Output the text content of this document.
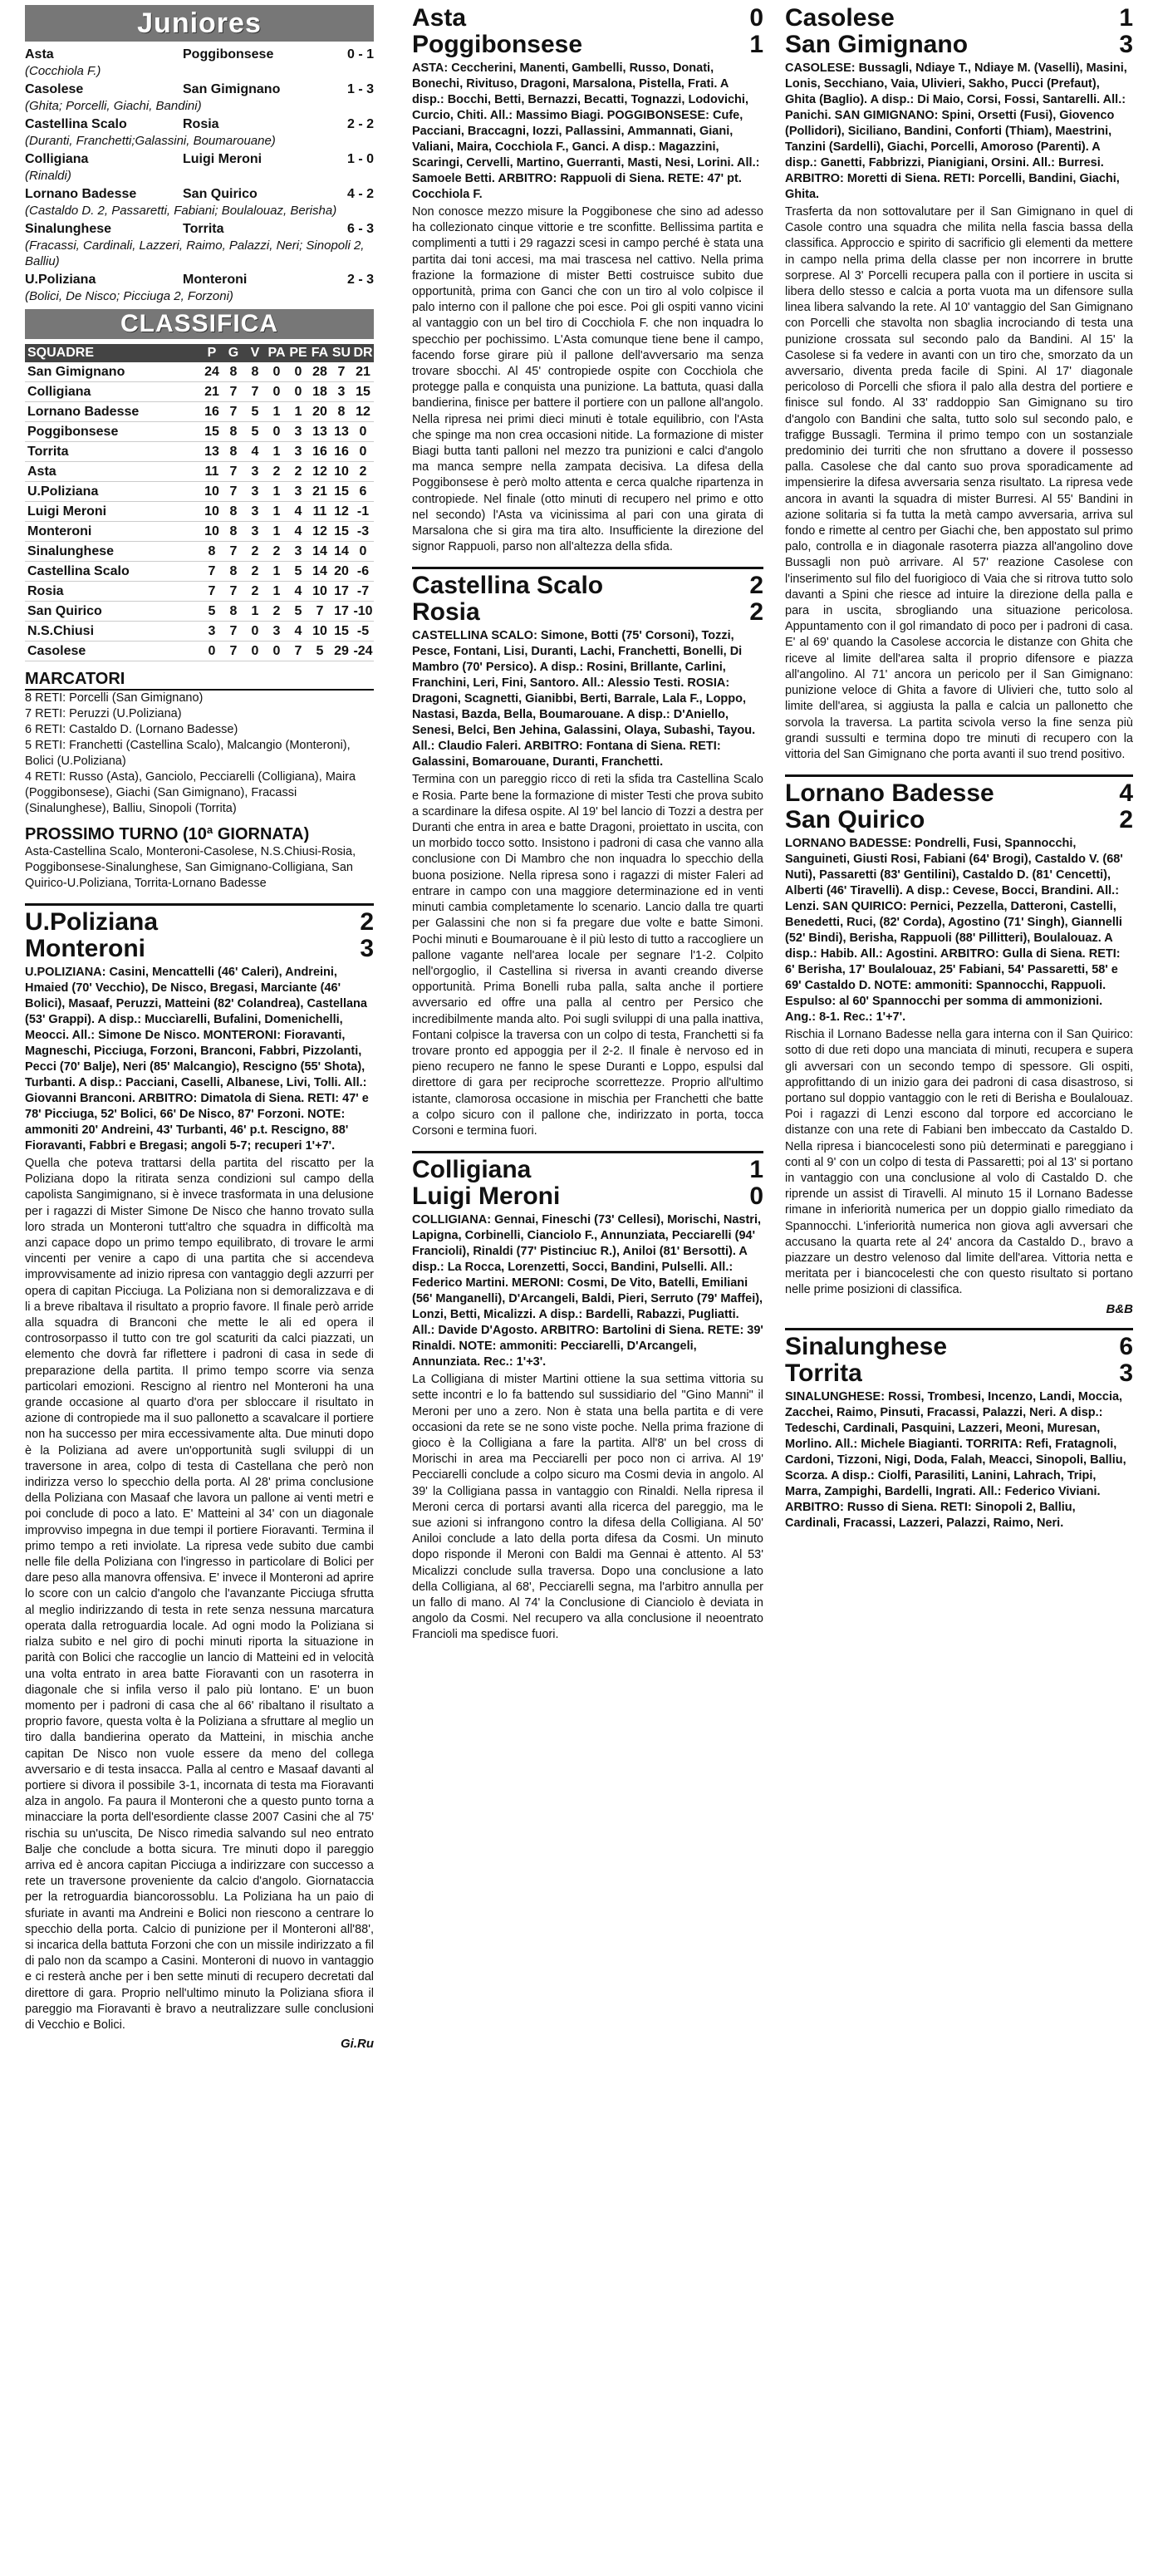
Juniores
Asta	Poggibonsese	0 - 1
(Cocchiola F.)
Casolese	San Gimignano	1 - 3
(Ghita; Porcelli, Giachi, Bandini)
Castellina Scalo	Rosia	2 - 2
(Duranti, Franchetti;Galassini, Boumarouane)
Colligiana	Luigi Meroni	1 - 0
(Rinaldi)
Lornano Badesse	San Quirico	4 - 2
(Castaldo D. 2, Passaretti, Fabiani; Boulalouaz, Berisha)
Sinalunghese	Torrita	6 - 3
(Fracassi, Cardinali, Lazzeri, Raimo, Palazzi, Neri; Sinopoli 2, Balliu)
U.Poliziana	Monteroni	2 - 3
(Bolici, De Nisco; Picciuga 2, Forzoni)
CLASSIFICA
SQUADRE	P	G	V	PA	PE	FA	SU	DR
San Gimignano	24	8	8	0	0	28	7	21
Colligiana	21	7	7	0	0	18	3	15
Lornano Badesse	16	7	5	1	1	20	8	12
Poggibonsese	15	8	5	0	3	13	13	0
Torrita	13	8	4	1	3	16	16	0
Asta	11	7	3	2	2	12	10	2
U.Poliziana	10	7	3	1	3	21	15	6
Luigi Meroni	10	8	3	1	4	11	12	-1
Monteroni	10	8	3	1	4	12	15	-3
Sinalunghese	8	7	2	2	3	14	14	0
Castellina Scalo	7	8	2	1	5	14	20	-6
Rosia	7	7	2	1	4	10	17	-7
San Quirico	5	8	1	2	5	7	17	-10
N.S.Chiusi	3	7	0	3	4	10	15	-5
Casolese	0	7	0	0	7	5	29	-24
MARCATORI
8 RETI: Porcelli (San Gimignano)
7 RETI: Peruzzi (U.Poliziana)
6 RETI: Castaldo D. (Lornano Badesse)
5 RETI: Franchetti (Castellina Scalo), Malcangio (Monteroni), Bolici (U.Poliziana)
4 RETI: Russo (Asta), Ganciolo, Pecciarelli (Colligiana), Maira (Poggibonsese), Giachi (San Gimignano), Fracassi (Sinalunghese), Balliu, Sinopoli (Torrita)
PROSSIMO TURNO (10ª GIORNATA)
Asta-Castellina Scalo, Monteroni-Casolese, N.S.Chiusi-Rosia, Poggibonsese-Sinalunghese, San Gimignano-Colligiana, San Quirico-U.Poliziana, Torrita-Lornano Badesse
U.Poliziana	2
Monteroni	3
U.POLIZIANA: Casini, Mencattelli (46' Caleri), Andreini, Hmaied (70' Vecchio), De Nisco, Bregasi, Marciante (46' Bolici), Masaaf, Peruzzi, Matteini (82' Colandrea), Castellana (53' Grappi). A disp.: Muccìarelli, Bufalini, Domenichelli, Meocci. All.: Simone De Nisco. MONTERONI: Fioravanti, Magneschi, Picciuga, Forzoni, Branconi, Fabbri, Pizzolanti, Pecci (70' Balje), Neri (85' Malcangio), Rescigno (55' Shota), Turbanti. A disp.: Pacciani, Caselli, Albanese, Livi, Tolli. All.: Giovanni Branconi. ARBITRO: Dimatola di Siena. RETI: 47' e 78' Picciuga, 52' Bolici, 66' De Nisco, 87' Forzoni. NOTE: ammoniti 20' Andreini, 43' Turbanti, 46' p.t. Rescigno, 88' Fioravanti, Fabbri e Bregasi; angoli 5-7; recuperi 1'+7'.
Quella che poteva trattarsi della partita del riscatto per la Poliziana dopo la ritirata senza condizioni sul campo della capolista Sangimignano, si è invece trasformata in una delusione per i ragazzi di Mister Simone De Nisco che hanno trovato sulla loro strada un Monteroni tutt'altro che squadra in difficoltà ma anzi capace dopo un primo tempo equilibrato, di trovare le armi vincenti per venire a capo di una partita che si accendeva improvvisamente ad inizio ripresa con vantaggio degli azzurri per opera di capitan Picciuga. La Poliziana non si demoralizzava e di li a breve ribaltava il risultato a proprio favore. Il finale però arride alla squadra di Branconi che mette le ali ed opera il controsorpasso il tutto con tre gol scaturiti da calci piazzati, un elemento che dovrà far riflettere i padroni di casa in sede di preparazione della partita. Il primo tempo scorre via senza particolari emozioni. Rescigno al rientro nel Monteroni ha una grande occasione al quarto d'ora per sbloccare il risultato in azione di contropiede ma il suo pallonetto a scavalcare il portiere non ha successo per mira eccessivamente alta. Due minuti dopo è la Poliziana ad avere un'opportunità sugli sviluppi di un traversone in area, colpo di testa di Castellana che però non indirizza verso lo specchio della porta. Al 28' prima conclusione della Poliziana con Masaaf che lavora un pallone ai venti metri e poi conclude di poco a lato. E' Matteini al 34' con un diagonale improvviso impegna in due tempi il portiere Fioravanti. Termina il primo tempo a reti inviolate. La ripresa vede subito due cambi nelle file della Poliziana con l'ingresso in particolare di Bolici per dare peso alla manovra offensiva. E' invece il Monteroni ad aprire lo score con un calcio d'angolo che l'avanzante Picciuga sfrutta al meglio indirizzando di testa in rete senza nessuna marcatura operata dalla retroguardia locale. Ad ogni modo la Poliziana si rialza subito e nel giro di pochi minuti riporta la situazione in parità con Bolici che raccoglie un lancio di Matteini ed in velocità una volta entrato in area batte Fioravanti con un rasoterra in diagonale che si infila verso il palo più lontano. E' un buon momento per i padroni di casa che al 66' ribaltano il risultato a proprio favore, questa volta è la Poliziana a sfruttare al meglio un tiro dalla bandierina operato da Matteini, in mischia anche capitan De Nisco non vuole essere da meno del collega avversario e di testa insacca. Palla al centro e Masaaf davanti al portiere si divora il possibile 3-1, incornata di testa ma Fioravanti alza in angolo. Fa paura il Monteroni che a questo punto torna a minacciare la porta dell'esordiente classe 2007 Casini che al 75' rischia su un'uscita, De Nisco rimedia salvando sul neo entrato Balje che conclude a botta sicura. Tre minuti dopo il pareggio arriva ed è ancora capitan Picciuga a indirizzare con successo a rete un traversone proveniente da calcio d'angolo. Giornataccia per la retroguardia biancorossoblu. La Poliziana ha un paio di sfuriate in avanti ma Andreini e Bolici non riescono a centrare lo specchio della porta. Calcio di punizione per il Monteroni all'88', si incarica della battuta Forzoni che con un missile indirizzato a fil di palo non da scampo a Casini. Monteroni di nuovo in vantaggio e ci resterà anche per i ben sette minuti di recupero decretati dal direttore di gara. Proprio nell'ultimo minuto la Poliziana sfiora il pareggio ma Fioravanti è bravo a neutralizzare sulle conclusioni di Vecchio e Bolici.
Gi.Ru
Asta	0
Poggibonsese	1
ASTA: Ceccherini, Manenti, Gambelli, Russo, Donati, Bonechi, Rivituso, Dragoni, Marsalona, Pistella, Frati. A disp.: Bocchi, Betti, Bernazzi, Becatti, Tognazzi, Lodovichi, Curcio, Chiti. All.: Massimo Biagi. POGGIBONSESE: Cufe, Pacciani, Braccagni, Iozzi, Pallassini, Ammannati, Giani, Valiani, Maira, Cocchiola F., Ganci. A disp.: Magazzini, Scaringi, Cervelli, Martino, Guerranti, Masti, Nesi, Lorini. All.: Samoele Betti. ARBITRO: Rappuoli di Siena. RETE: 47' pt. Cocchiola F.
Non conosce mezzo misure la Poggibonese che sino ad adesso ha collezionato cinque vittorie e tre sconfitte. Bellissima partita e complimenti a tutti i 29 ragazzi scesi in campo perché è stata una partita dai toni accesi, ma mai trascesa nel cattivo. Nella prima frazione la formazione di mister Betti costruisce subito due opportunità, prima con Ganci che con un tiro al volo colpisce il palo interno con il pallone che poi esce. Poi gli ospiti vanno vicini al vantaggio con un bel tiro di Cocchiola F. che non inquadra lo specchio per pochissimo. L'Asta comunque tiene bene il campo, facendo forse girare più il pallone dell'avversario ma senza trovare sbocchi. Al 45' contropiede ospite con Cocchiola che protegge palla e conquista una punizione. La battuta, quasi dalla bandierina, finisce per battere il portiere con un pallone all'angolo. Nella ripresa nei primi dieci minuti è totale equilibrio, con l'Asta che spinge ma non crea occasioni nitide. La formazione di mister Biagi butta tanti palloni nel mezzo tra punizioni e calci d'angolo ma manca sempre nella zampata decisiva. La difesa della Poggibonsese è però molto attenta e cerca qualche ripartenza in contropiede. Nel finale (otto minuti di recupero nel primo e otto nel secondo) l'Asta va vicinissima al pari con una girata di Marsalona che si gira ma tira alto. Insufficiente la direzione del signor Rappuoli, parso non all'altezza della sfida.
Castellina Scalo	2
Rosia	2
CASTELLINA SCALO: Simone, Botti (75' Corsoni), Tozzi, Pesce, Fontani, Lisi, Duranti, Lachi, Franchetti, Bonelli, Di Mambro (70' Persico). A disp.: Rosini, Brillante, Carlini, Franchini, Leri, Fini, Santoro. All.: Alessio Testi. ROSIA: Dragoni, Scagnetti, Gianibbi, Berti, Barrale, Lala F., Loppo, Nastasi, Bazda, Bella, Boumarouane. A disp.: D'Aniello, Senesi, Belci, Ben Jehina, Galassini, Olaya, Subashi, Tayou. All.: Claudio Faleri. ARBITRO: Fontana di Siena. RETI: Galassini, Bomarouane, Duranti, Franchetti.
Termina con un pareggio ricco di reti la sfida tra Castellina Scalo e Rosia. Parte bene la formazione di mister Testi che prova subito a scardinare la difesa ospite. Al 19' bel lancio di Tozzi a destra per Duranti che entra in area e batte Dragoni, proiettato in uscita, con un morbido tocco sotto. Insistono i padroni di casa che vanno alla conclusione con Di Mambro che non inquadra lo specchio della buona posizione. Nella ripresa sono i ragazzi di mister Faleri ad entrare in campo con una maggiore determinazione ed in venti minuti cambia completamente lo scenario. Lancio dalla tre quarti per Galassini che non si fa pregare due volte e batte Simoni. Pochi minuti e Boumarouane è il più lesto di tutto a raccogliere un pallone vagante nell'area locale per segnare l'1-2. Colpito nell'orgoglio, il Castellina si riversa in avanti creando diverse opportunità. Prima Bonelli ruba palla, salta anche il portiere avversario ed offre una palla al centro per Persico che incredibilmente manda alto. Poi sugli sviluppi di una palla inattiva, Fontani colpisce la traversa con un colpo di testa, Franchetti si fa trovare pronto ed appoggia per il 2-2. Il finale è nervoso ed in pieno recupero ne fanno le spese Duranti e Loppo, espulsi dal direttore di gara per reciproche scorrettezze. Proprio all'ultimo istante, clamorosa occasione in mischia per Franchetti che batte a colpo sicuro con il pallone che, indirizzato in porta, tocca Corsoni e termina fuori.
Colligiana	1
Luigi Meroni	0
COLLIGIANA: Gennai, Fineschi (73' Cellesi), Morischi, Nastri, Lapigna, Corbinelli, Cianciolo F., Annunziata, Pecciarelli (94' Francioli), Rinaldi (77' Pistinciuc R.), Aniloi (81' Bersotti). A disp.: La Rocca, Lorenzetti, Socci, Bandini, Pulselli. All.: Federico Martini. MERONI: Cosmi, De Vito, Batelli, Emiliani (56' Manganelli), D'Arcangeli, Baldi, Pieri, Serruto (79' Maffei), Lonzi, Betti, Micalizzi. A disp.: Bardelli, Rabazzi, Pugliatti. All.: Davide D'Agosto. ARBITRO: Bartolini di Siena. RETE: 39' Rinaldi. NOTE: ammoniti: Pecciarelli, D'Arcangeli, Annunziata. Rec.: 1'+3'.
La Colligiana di mister Martini ottiene la sua settima vittoria su sette incontri e lo fa battendo sul sussidiario del "Gino Manni" il Meroni per uno a zero. Non è stata una bella partita e di vere occasioni da rete se ne sono viste poche. Nella prima frazione di gioco è la Colligiana a fare la partita. All'8' un bel cross di Morischi in area ma Pecciarelli per poco non ci arriva. Al 19' Pecciarelli conclude a colpo sicuro ma Cosmi devia in angolo. Al 39' la Colligiana passa in vantaggio con Rinaldi. Nella ripresa il Meroni cerca di portarsi avanti alla ricerca del pareggio, ma le sue azioni si infrangono contro la difesa della Colligiana. Al 50' Aniloi conclude a lato della porta difesa da Cosmi. Un minuto dopo risponde il Meroni con Baldi ma Gennai è attento. Al 53' Micalizzi conclude sulla traversa. Dopo una conclusione a lato della Colligiana, al 68', Pecciarelli segna, ma l'arbitro annulla per un fallo di mano. Al 74' la Conclusione di Cianciolo è deviata in angolo da Cosmi. Nel recupero va alla conclusione il neoentrato Francioli ma spedisce fuori.
Casolese	1
San Gimignano	3
CASOLESE: Bussagli, Ndiaye T., Ndiaye M. (Vaselli), Masini, Lonis, Secchiano, Vaia, Ulivieri, Sakho, Pucci (Prefaut), Ghita (Baglio). A disp.: Di Maio, Corsi, Fossi, Santarelli. All.: Panichi. SAN GIMIGNANO: Spini, Orsetti (Fusi), Giovenco (Pollidori), Siciliano, Bandini, Conforti (Thiam), Maestrini, Tanzini (Sardelli), Giachi, Porcelli, Amoroso (Parenti). A disp.: Ganetti, Fabbrizzi, Pianigiani, Orsini. All.: Burresi. ARBITRO: Moretti di Siena. RETI: Porcelli, Bandini, Giachi, Ghita.
Trasferta da non sottovalutare per il San Gimignano in quel di Casole contro una squadra che milita nella fascia bassa della classifica. Approccio e spirito di sacrificio gli elementi da mettere in campo nella prima della classe per non incorrere in brutte sorprese. Al 3' Porcelli recupera palla con il portiere in uscita si libera dello stesso e calcia a porta vuota ma un difensore sulla linea libera salvando la rete. Al 10' vantaggio del San Gimignano con Porcelli che stavolta non sbaglia incrociando di testa una punizione crossata sul secondo palo da Bandini. Al 15' la Casolese si fa vedere in avanti con un tiro che, smorzato da un avversario, diventa preda facile di Spini. Al 17' diagonale pericoloso di Porcelli che sfiora il palo alla destra del portiere e finisce sul fondo. Al 33' raddoppio San Gimignano su tiro d'angolo con Bandini che salta, tutto solo sul secondo palo, e trafigge Bussagli. Termina il primo tempo con un sostanziale predominio dei turriti che non sfruttano a dovere il possesso palla. Casolese che dal canto suo prova sporadicamente ad impensierire la difesa avversaria senza risultato. La ripresa vede ancora in avanti la squadra di mister Burresi. Al 55' Bandini in azione solitaria si fa tutta la metà campo avversaria, arriva sul fondo e rimette al centro per Giachi che, ben appostato sul primo palo, controlla e in diagonale rasoterra piazza all'angolino dove Bussagli non può arrivare. Al 57' reazione Casolese con l'inserimento sul filo del fuorigioco di Vaia che si ritrova tutto solo davanti a Spini che riesce ad intuire la direzione della palla e para in uscita, sbrogliando una situazione pericolosa. Appuntamento con il gol rimandato di poco per i padroni di casa. E' al 69' quando la Casolese accorcia le distanze con Ghita che riceve al limite dell'area salta il proprio difensore e piazza all'angolino. Al 71' ancora un pericolo per il San Gimignano: punizione veloce di Ghita a favore di Ulivieri che, tutto solo al limite dell'area, si aggiusta la palla e calcia un pallonetto che sorvola la traversa. La partita scivola verso la fine senza più grandi sussulti e termina dopo tre minuti di recupero con la vittoria del San Gimignano che porta avanti il suo trend positivo.
Lornano Badesse	4
San Quirico	2
LORNANO BADESSE: Pondrelli, Fusi, Spannocchi, Sanguineti, Giusti Rosi, Fabiani (64' Brogi), Castaldo V. (68' Nuti), Passaretti (83' Gentilini), Castaldo D. (81' Cencetti), Alberti (46' Tiravelli). A disp.: Cevese, Bocci, Brandini. All.: Lenzi. SAN QUIRICO: Pernici, Pezzella, Datteroni, Castelli, Benedetti, Ruci, (82' Corda), Agostino (71' Singh), Giannelli (52' Bindi), Berisha, Rappuoli (88' Pillitteri), Boulalouaz. A disp.: Habib. All.: Agostini. ARBITRO: Gulla di Siena. RETI: 6' Berisha, 17' Boulalouaz, 25' Fabiani, 54' Passaretti, 58' e 69' Castaldo D. NOTE: ammoniti: Spannocchi, Rappuoli. Espulso: al 60' Spannocchi per somma di ammonizioni. Ang.: 8-1. Rec.: 1'+7'.
Rischia il Lornano Badesse nella gara interna con il San Quirico: sotto di due reti dopo una manciata di minuti, recupera e supera gli avversari con un secondo tempo di spessore. Gli ospiti, approfittando di un inizio gara dei padroni di casa disastroso, si portano sul doppio vantaggio con le reti di Berisha e Boulalouaz. Poi i ragazzi di Lenzi escono dal torpore ed accorciano le distanze con una rete di Fabiani ben imbeccato da Castaldo D. Nella ripresa i biancocelesti sono più determinati e pareggiano i conti al 9' con un colpo di testa di Passaretti; poi al 13' si portano in vantaggio con una conclusione al volo di Castaldo D. che riprende un assist di Tiravelli. Al minuto 15 il Lornano Badesse rimane in inferiorità numerica per un doppio giallo rimediato da Spannocchi. L'inferiorità numerica non giova agli avversari che accusano la quarta rete al 24' ancora da Castaldo D., bravo a piazzare un destro velenoso dal limite dell'area. Vittoria netta e meritata per i biancocelesti che con questo risultato si portano nelle prime posizioni di classifica.
B&B
Sinalunghese	6
Torrita	3
SINALUNGHESE: Rossi, Trombesi, Incenzo, Landi, Moccia, Zacchei, Raimo, Pinsuti, Fracassi, Palazzi, Neri. A disp.: Tedeschi, Cardinali, Pasquini, Lazzeri, Meoni, Muresan, Morlino. All.: Michele Biagianti. TORRITA: Refi, Fratagnoli, Cardoni, Tizzoni, Nigi, Doda, Falah, Meacci, Sinopoli, Balliu, Scorza. A disp.: Ciolfi, Parasiliti, Lanini, Lahrach, Tripi, Marra, Zampighi, Bardelli, Ingrati. All.: Federico Viviani. ARBITRO: Russo di Siena. RETI: Sinopoli 2, Balliu, Cardinali, Fracassi, Lazzeri, Palazzi, Raimo, Neri.
